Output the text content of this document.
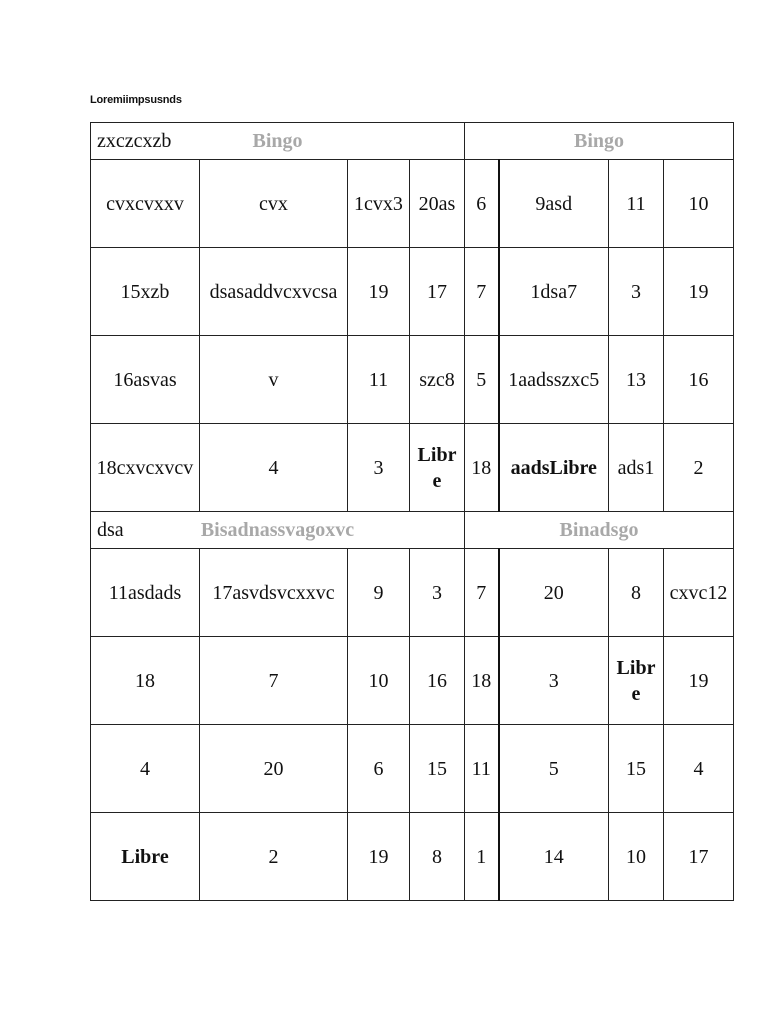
Loremiimpsusnds
zxczcxzb Bingo				Bingo			
cvxcvxxv	cvx	1cvx3	20as	6	9asd	11	10
15xzb	dsasaddvcxvcsa	19	17	7	1dsa7	3	19
16asvas	v	11	szc8	5	1aadsszxc5	13	16
18cxvcxvcv	4	3	Libre	18	aadsLibre	ads1	2

dsa Bisadnassvagoxvc				Binadsgo			
11asdads	17asvdsvcxxvc	9	3	7	20	8	cxvc12
18	7	10	16	18	3	Libre	19
4	20	6	15	11	5	15	4
Libre	2	19	8	1	14	10	17
